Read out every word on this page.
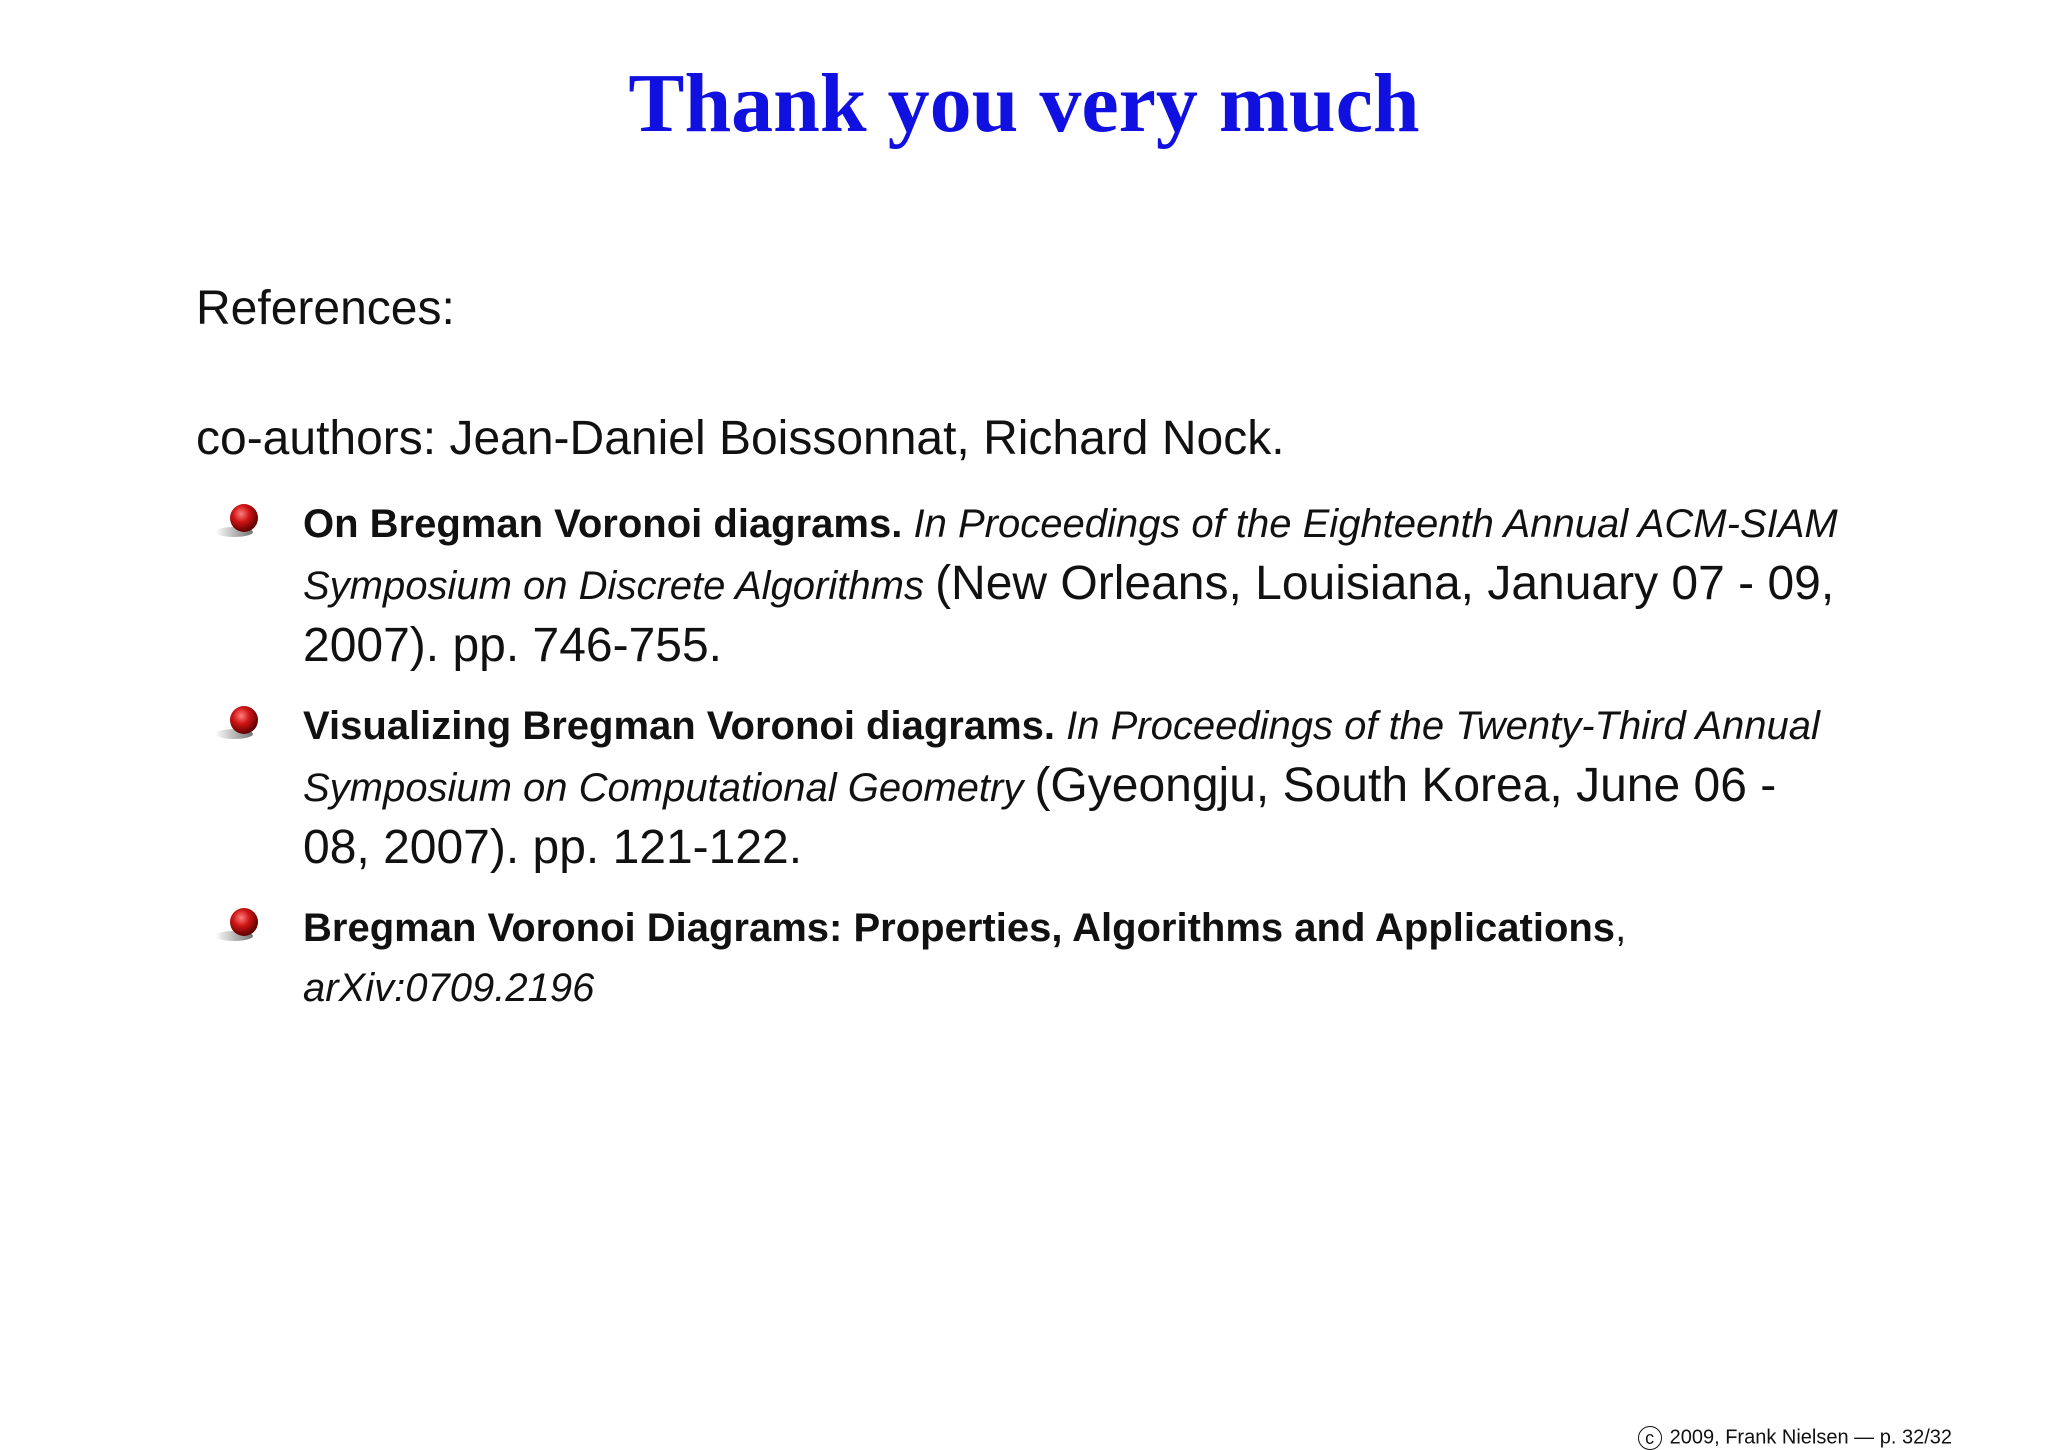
Thank you very much
References:
co-authors: Jean-Daniel Boissonnat, Richard Nock.
On Bregman Voronoi diagrams. In Proceedings of the Eighteenth Annual ACM-SIAM Symposium on Discrete Algorithms (New Orleans, Louisiana, January 07 - 09, 2007). pp. 746-755.
Visualizing Bregman Voronoi diagrams. In Proceedings of the Twenty-Third Annual Symposium on Computational Geometry (Gyeongju, South Korea, June 06 - 08, 2007). pp. 121-122.
Bregman Voronoi Diagrams: Properties, Algorithms and Applications,
arXiv:0709.2196
c 2009, Frank Nielsen — p. 32/32
